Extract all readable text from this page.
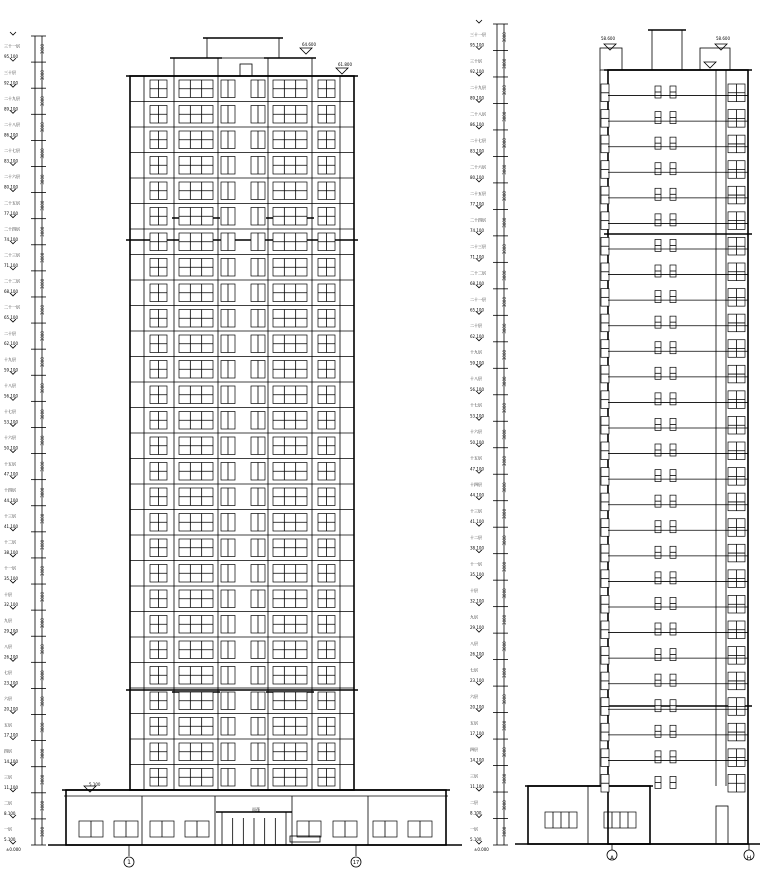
一层
5.100
3000
二层
8.100
3000
三层
11.100
3000
四层
14.100
3000
五层
17.100
3000
六层
20.100
3000
七层
23.100
3000
八层
26.100
3000
九层
29.100
3000
十层
32.100
3000
十一层
35.100
3000
十二层
38.100
3000
十三层
41.100
3000
十四层
44.100
3000
十五层
47.100
3000
十六层
50.100
3000
十七层
53.100
3000
十八层
56.100
3000
十九层
59.100
3000
二十层
62.100
3000
二十一层
65.100
3000
二十二层
68.100
3000
二十三层
71.100
3000
二十四层
74.100
3000
二十五层
77.100
3000
二十六层
80.100
3000
二十七层
83.100
3000
二十八层
86.100
3000
二十九层
89.100
3000
三十层
92.100
3000
三十一层
95.100
3000
一层
5.100
3000
二层
8.100
3000
三层
11.100
3000
四层
14.100
3000
五层
17.100
3000
六层
20.100
3000
七层
23.100
3000
八层
26.100
3000
九层
29.100
3000
十层
32.100
3000
十一层
35.100
3000
十二层
38.100
3000
十三层
41.100
3000
十四层
44.100
3000
十五层
47.100
3000
十六层
50.100
3000
十七层
53.100
3000
十八层
56.100
3000
十九层
59.100
3000
二十层
62.100
3000
二十一层
65.100
3000
二十二层
68.100
3000
二十三层
71.100
3000
二十四层
74.100
3000
二十五层
77.100
3000
二十六层
80.100
3000
二十七层
83.100
3000
二十八层
86.100
3000
二十九层
89.100
3000
三十层
92.100
3000
三十一层
95.100
3000
1	17
A	H
64.600
61.800
58.600	58.600
±0.000	±0.000
5.100
雨蓬
